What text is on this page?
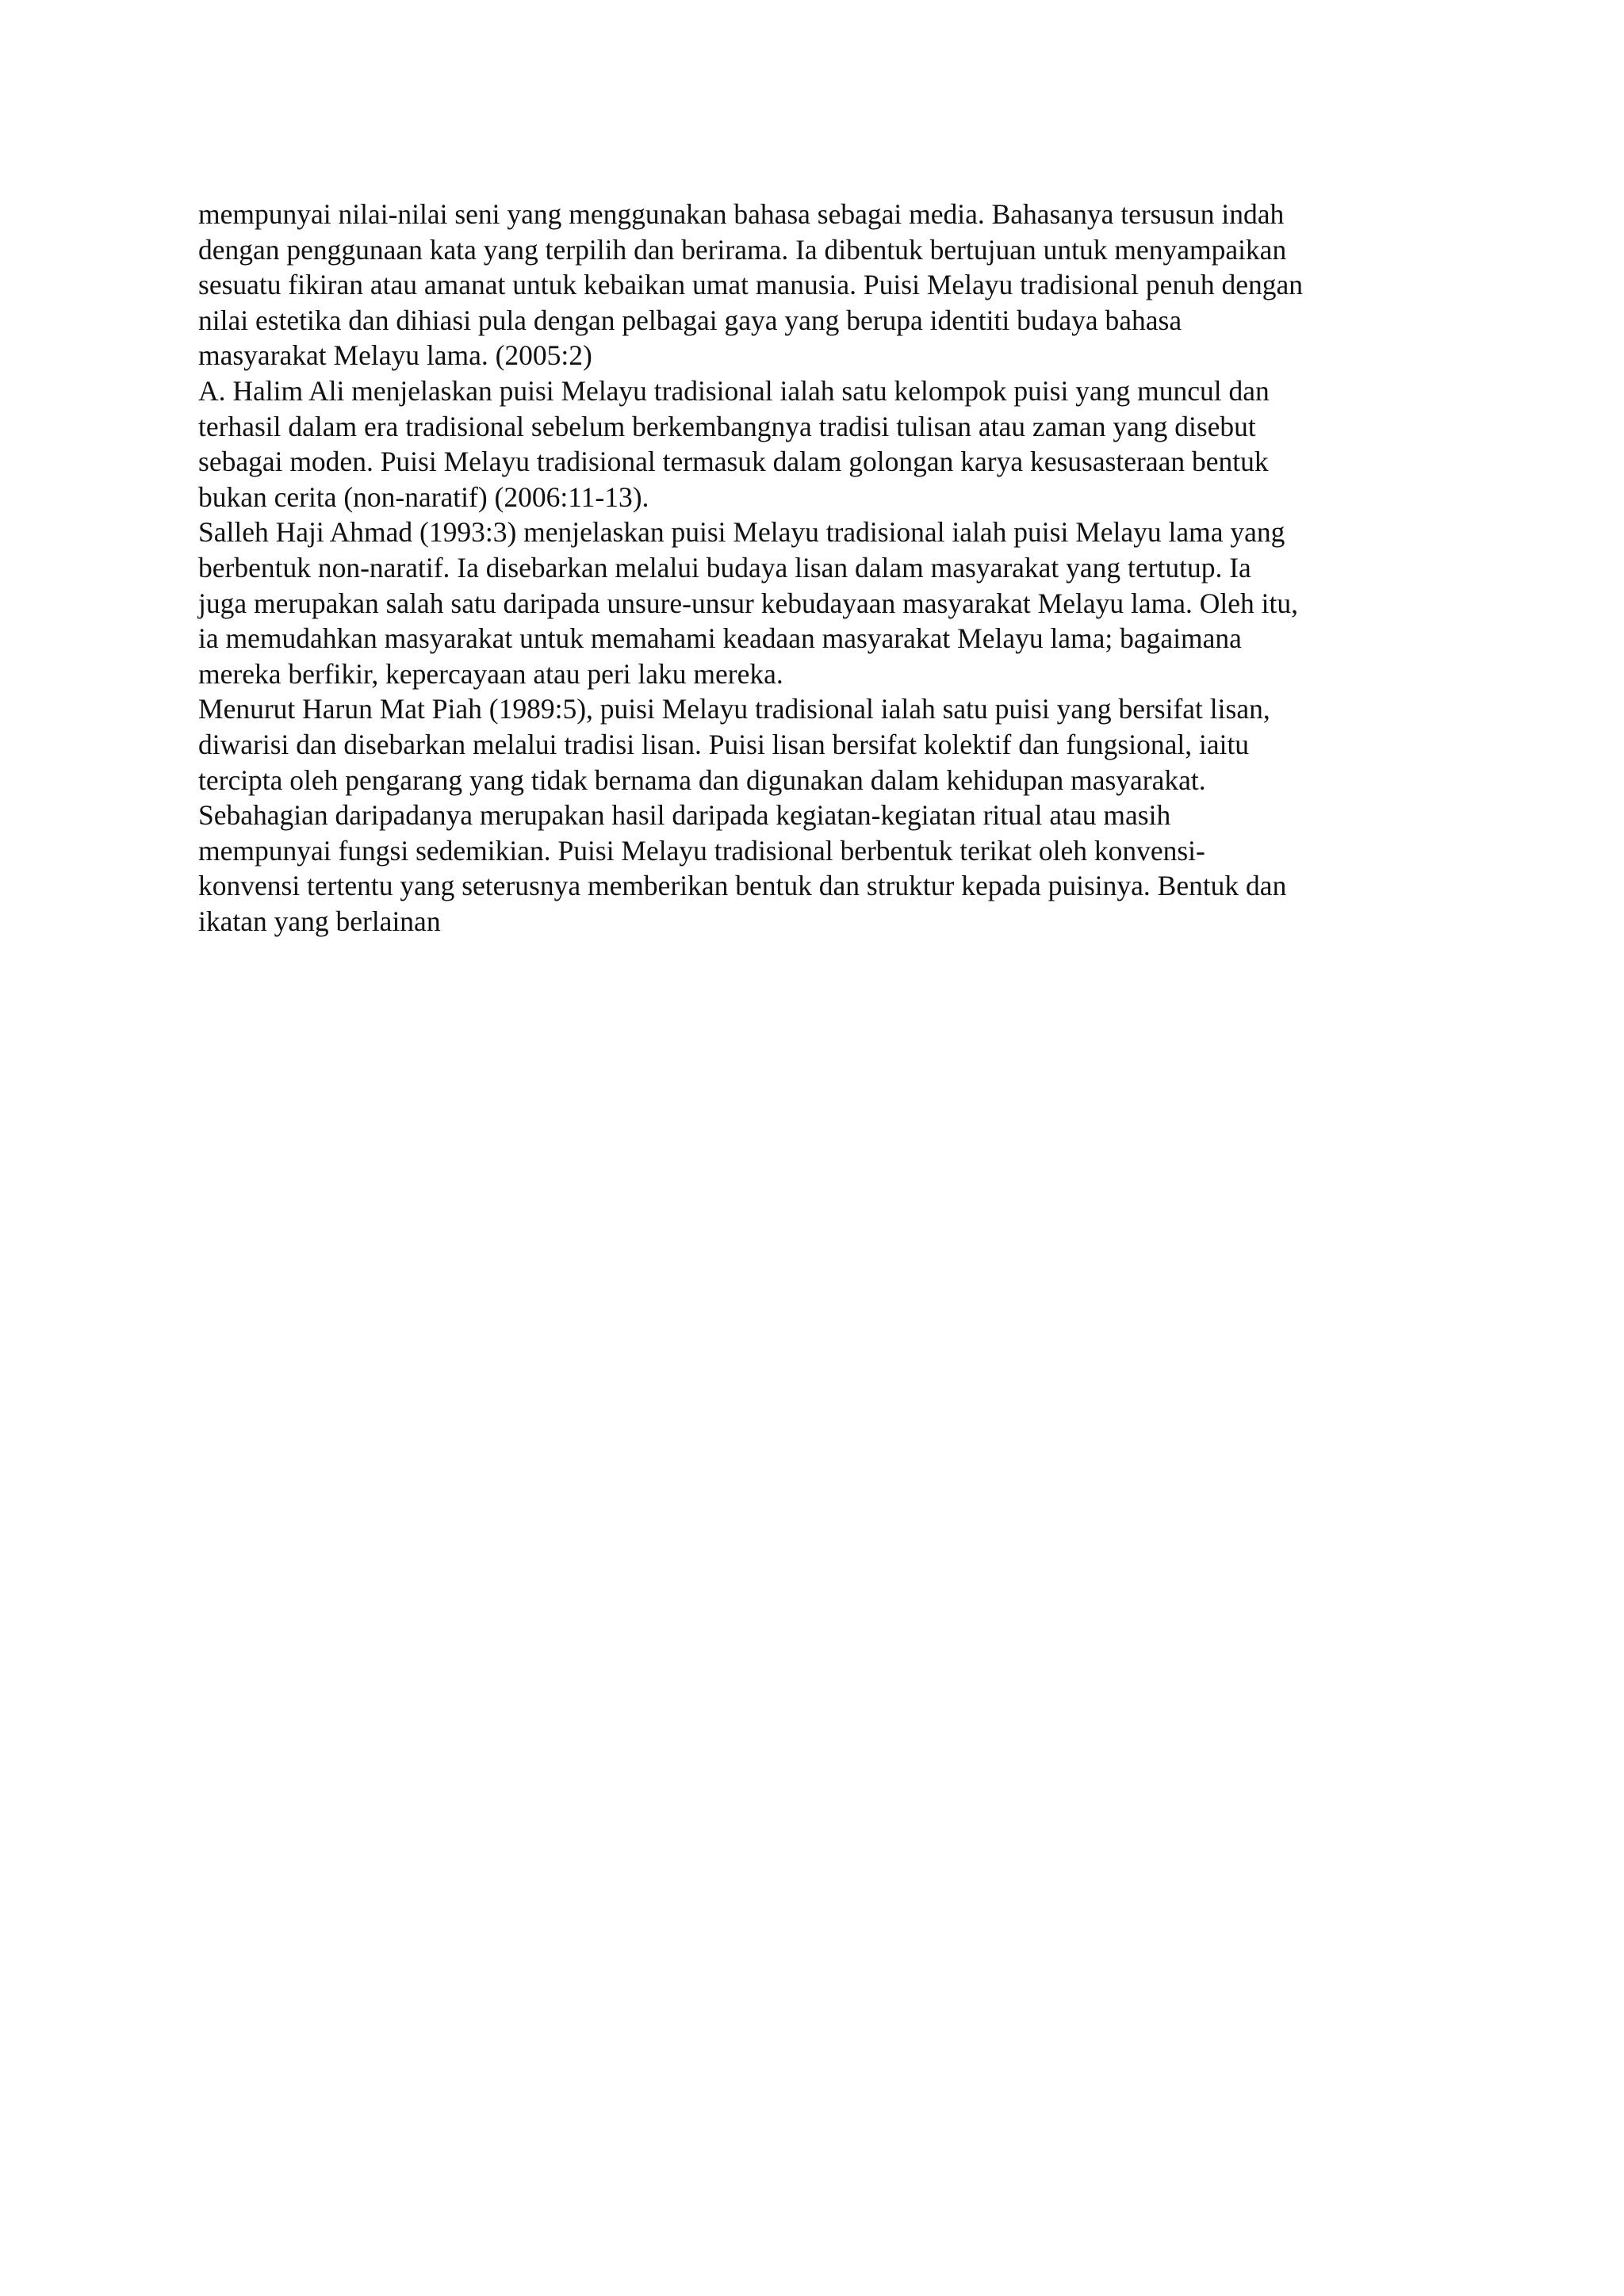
mempunyai nilai-nilai seni yang menggunakan bahasa sebagai media. Bahasanya tersusun indah
dengan penggunaan kata yang terpilih dan berirama. Ia dibentuk bertujuan untuk menyampaikan
sesuatu fikiran atau amanat untuk kebaikan umat manusia. Puisi Melayu tradisional penuh dengan
nilai estetika dan dihiasi pula dengan pelbagai gaya yang berupa identiti budaya bahasa
masyarakat Melayu lama. (2005:2)
A. Halim Ali menjelaskan puisi Melayu tradisional ialah satu kelompok puisi yang muncul dan
terhasil dalam era tradisional sebelum berkembangnya tradisi tulisan atau zaman yang disebut
sebagai moden. Puisi Melayu tradisional termasuk dalam golongan karya kesusasteraan bentuk
bukan cerita (non-naratif) (2006:11-13).
Salleh Haji Ahmad (1993:3) menjelaskan puisi Melayu tradisional ialah puisi Melayu lama yang
berbentuk non-naratif. Ia disebarkan melalui budaya lisan dalam masyarakat yang tertutup. Ia
juga merupakan salah satu daripada unsure-unsur kebudayaan masyarakat Melayu lama. Oleh itu,
ia memudahkan masyarakat untuk memahami keadaan masyarakat Melayu lama; bagaimana
mereka berfikir, kepercayaan atau peri laku mereka.
Menurut Harun Mat Piah (1989:5), puisi Melayu tradisional ialah satu puisi yang bersifat lisan,
diwarisi dan disebarkan melalui tradisi lisan. Puisi lisan bersifat kolektif dan fungsional, iaitu
tercipta oleh pengarang yang tidak bernama dan digunakan dalam kehidupan masyarakat.
Sebahagian daripadanya merupakan hasil daripada kegiatan-kegiatan ritual atau masih
mempunyai fungsi sedemikian. Puisi Melayu tradisional berbentuk terikat oleh konvensi-
konvensi tertentu yang seterusnya memberikan bentuk dan struktur kepada puisinya. Bentuk dan
ikatan yang berlainan
